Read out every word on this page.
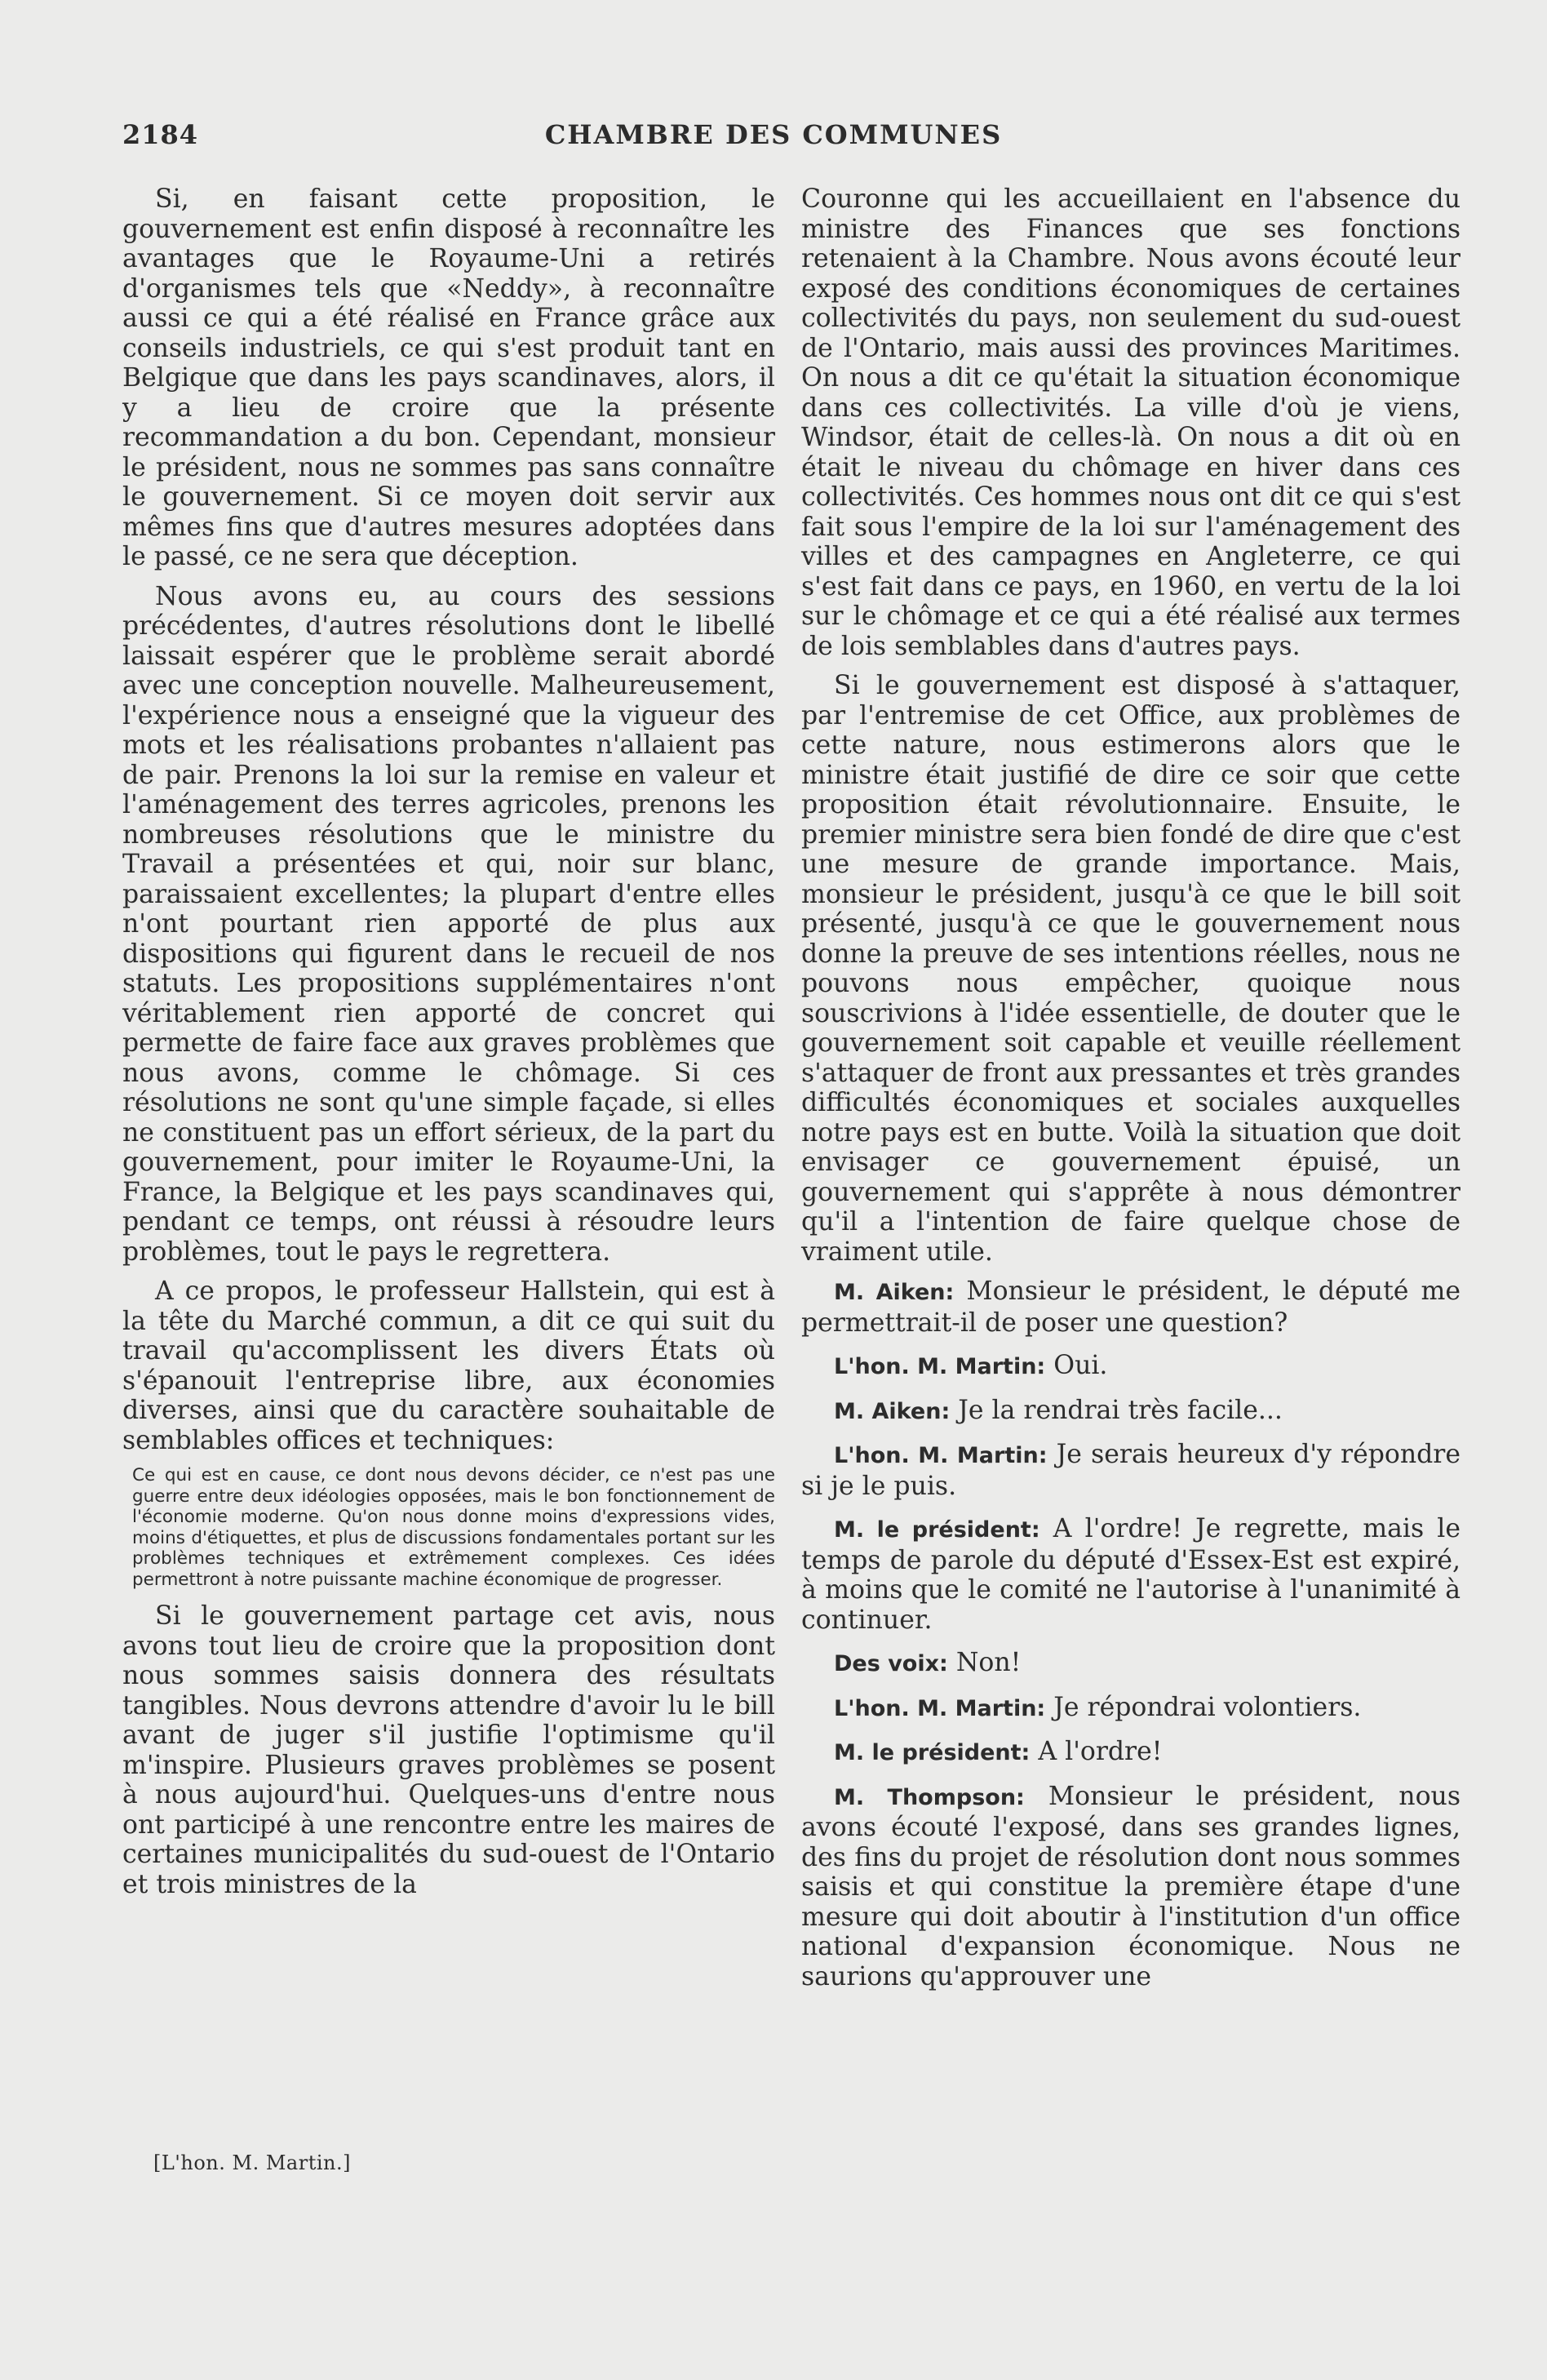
2184	CHAMBRE DES COMMUNES

Si, en faisant cette proposition, le gouvernement est enfin disposé à reconnaître les avantages que le Royaume-Uni a retirés d'organismes tels que «Neddy», à reconnaître aussi ce qui a été réalisé en France grâce aux conseils industriels, ce qui s'est produit tant en Belgique que dans les pays scandinaves, alors, il y a lieu de croire que la présente recommandation a du bon. Cependant, monsieur le président, nous ne sommes pas sans connaître le gouvernement. Si ce moyen doit servir aux mêmes fins que d'autres mesures adoptées dans le passé, ce ne sera que déception.

Nous avons eu, au cours des sessions précédentes, d'autres résolutions dont le libellé laissait espérer que le problème serait abordé avec une conception nouvelle. Malheureusement, l'expérience nous a enseigné que la vigueur des mots et les réalisations probantes n'allaient pas de pair. Prenons la loi sur la remise en valeur et l'aménagement des terres agricoles, prenons les nombreuses résolutions que le ministre du Travail a présentées et qui, noir sur blanc, paraissaient excellentes; la plupart d'entre elles n'ont pourtant rien apporté de plus aux dispositions qui figurent dans le recueil de nos statuts. Les propositions supplémentaires n'ont véritablement rien apporté de concret qui permette de faire face aux graves problèmes que nous avons, comme le chômage. Si ces résolutions ne sont qu'une simple façade, si elles ne constituent pas un effort sérieux, de la part du gouvernement, pour imiter le Royaume-Uni, la France, la Belgique et les pays scandinaves qui, pendant ce temps, ont réussi à résoudre leurs problèmes, tout le pays le regrettera.

A ce propos, le professeur Hallstein, qui est à la tête du Marché commun, a dit ce qui suit du travail qu'accomplissent les divers États où s'épanouit l'entreprise libre, aux économies diverses, ainsi que du caractère souhaitable de semblables offices et techniques:

Ce qui est en cause, ce dont nous devons décider, ce n'est pas une guerre entre deux idéologies opposées, mais le bon fonctionnement de l'économie moderne. Qu'on nous donne moins d'expressions vides, moins d'étiquettes, et plus de discussions fondamentales portant sur les problèmes techniques et extrêmement complexes. Ces idées permettront à notre puissante machine économique de progresser.

Si le gouvernement partage cet avis, nous avons tout lieu de croire que la proposition dont nous sommes saisis donnera des résultats tangibles. Nous devrons attendre d'avoir lu le bill avant de juger s'il justifie l'optimisme qu'il m'inspire. Plusieurs graves problèmes se posent à nous aujourd'hui. Quelques-uns d'entre nous ont participé à une rencontre entre les maires de certaines municipalités du sud-ouest de l'Ontario et trois ministres de la

[L'hon. M. Martin.]

Couronne qui les accueillaient en l'absence du ministre des Finances que ses fonctions retenaient à la Chambre. Nous avons écouté leur exposé des conditions économiques de certaines collectivités du pays, non seulement du sud-ouest de l'Ontario, mais aussi des provinces Maritimes. On nous a dit ce qu'était la situation économique dans ces collectivités. La ville d'où je viens, Windsor, était de celles-là. On nous a dit où en était le niveau du chômage en hiver dans ces collectivités. Ces hommes nous ont dit ce qui s'est fait sous l'empire de la loi sur l'aménagement des villes et des campagnes en Angleterre, ce qui s'est fait dans ce pays, en 1960, en vertu de la loi sur le chômage et ce qui a été réalisé aux termes de lois semblables dans d'autres pays.

Si le gouvernement est disposé à s'attaquer, par l'entremise de cet Office, aux problèmes de cette nature, nous estimerons alors que le ministre était justifié de dire ce soir que cette proposition était révolutionnaire. Ensuite, le premier ministre sera bien fondé de dire que c'est une mesure de grande importance. Mais, monsieur le président, jusqu'à ce que le bill soit présenté, jusqu'à ce que le gouvernement nous donne la preuve de ses intentions réelles, nous ne pouvons nous empêcher, quoique nous souscrivions à l'idée essentielle, de douter que le gouvernement soit capable et veuille réellement s'attaquer de front aux pressantes et très grandes difficultés économiques et sociales auxquelles notre pays est en butte. Voilà la situation que doit envisager ce gouvernement épuisé, un gouvernement qui s'apprête à nous démontrer qu'il a l'intention de faire quelque chose de vraiment utile.

M. Aiken: Monsieur le président, le député me permettrait-il de poser une question?

L'hon. M. Martin: Oui.

M. Aiken: Je la rendrai très facile...

L'hon. M. Martin: Je serais heureux d'y répondre si je le puis.

M. le président: A l'ordre! Je regrette, mais le temps de parole du député d'Essex-Est est expiré, à moins que le comité ne l'autorise à l'unanimité à continuer.

Des voix: Non!

L'hon. M. Martin: Je répondrai volontiers.

M. le président: A l'ordre!

M. Thompson: Monsieur le président, nous avons écouté l'exposé, dans ses grandes lignes, des fins du projet de résolution dont nous sommes saisis et qui constitue la première étape d'une mesure qui doit aboutir à l'institution d'un office national d'expansion économique. Nous ne saurions qu'approuver une
